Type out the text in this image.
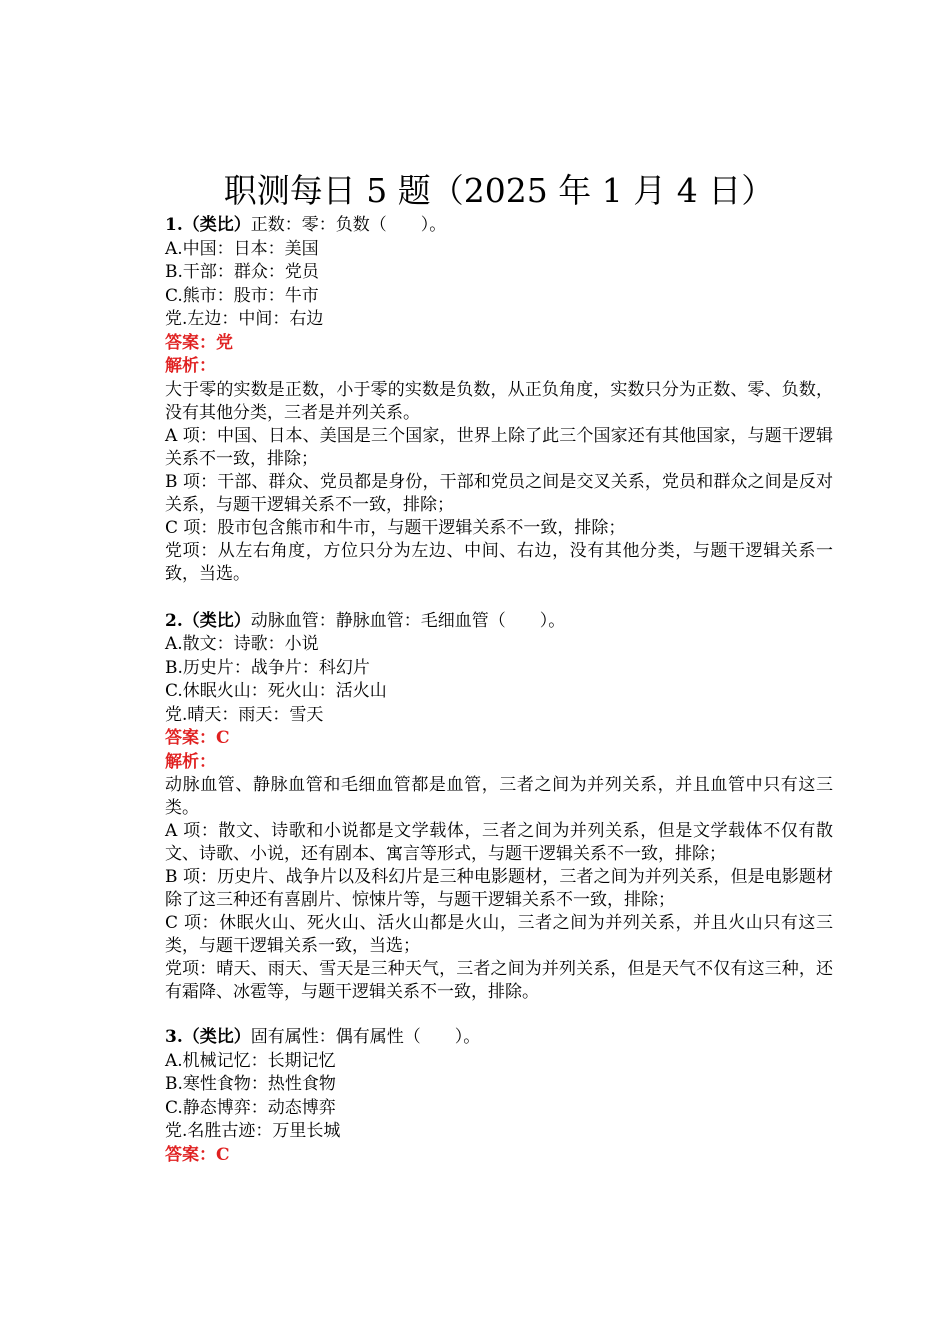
职测每日 5 题（2025 年 1 月 4 日）
1.（类比）正数：零：负数（　　）。
A.中国：日本：美国
B.干部：群众：党员
C.熊市：股市：牛市
党.左边：中间：右边
答案：党
解析：

大于零的实数是正数，小于零的实数是负数，从正负角度，实数只分为正数、零、负数，没有其他分类，三者是并列关系。

A 项：中国、日本、美国是三个国家，世界上除了此三个国家还有其他国家，与题干逻辑关系不一致，排除；

B 项：干部、群众、党员都是身份，干部和党员之间是交叉关系，党员和群众之间是反对关系，与题干逻辑关系不一致，排除；

C 项：股市包含熊市和牛市，与题干逻辑关系不一致，排除；

党项：从左右角度，方位只分为左边、中间、右边，没有其他分类，与题干逻辑关系一致，当选。

2.（类比）动脉血管：静脉血管：毛细血管（　　）。
A.散文：诗歌：小说
B.历史片：战争片：科幻片
C.休眠火山：死火山：活火山
党.晴天：雨天：雪天
答案：C
解析：

动脉血管、静脉血管和毛细血管都是血管，三者之间为并列关系，并且血管中只有这三类。

A 项：散文、诗歌和小说都是文学载体，三者之间为并列关系，但是文学载体不仅有散文、诗歌、小说，还有剧本、寓言等形式，与题干逻辑关系不一致，排除；

B 项：历史片、战争片以及科幻片是三种电影题材，三者之间为并列关系，但是电影题材除了这三种还有喜剧片、惊悚片等，与题干逻辑关系不一致，排除；

C 项：休眠火山、死火山、活火山都是火山，三者之间为并列关系，并且火山只有这三类，与题干逻辑关系一致，当选；

党项：晴天、雨天、雪天是三种天气，三者之间为并列关系，但是天气不仅有这三种，还有霜降、冰雹等，与题干逻辑关系不一致，排除。

3.（类比）固有属性：偶有属性（　　）。
A.机械记忆：长期记忆
B.寒性食物：热性食物
C.静态博弈：动态博弈
党.名胜古迹：万里长城
答案：C
